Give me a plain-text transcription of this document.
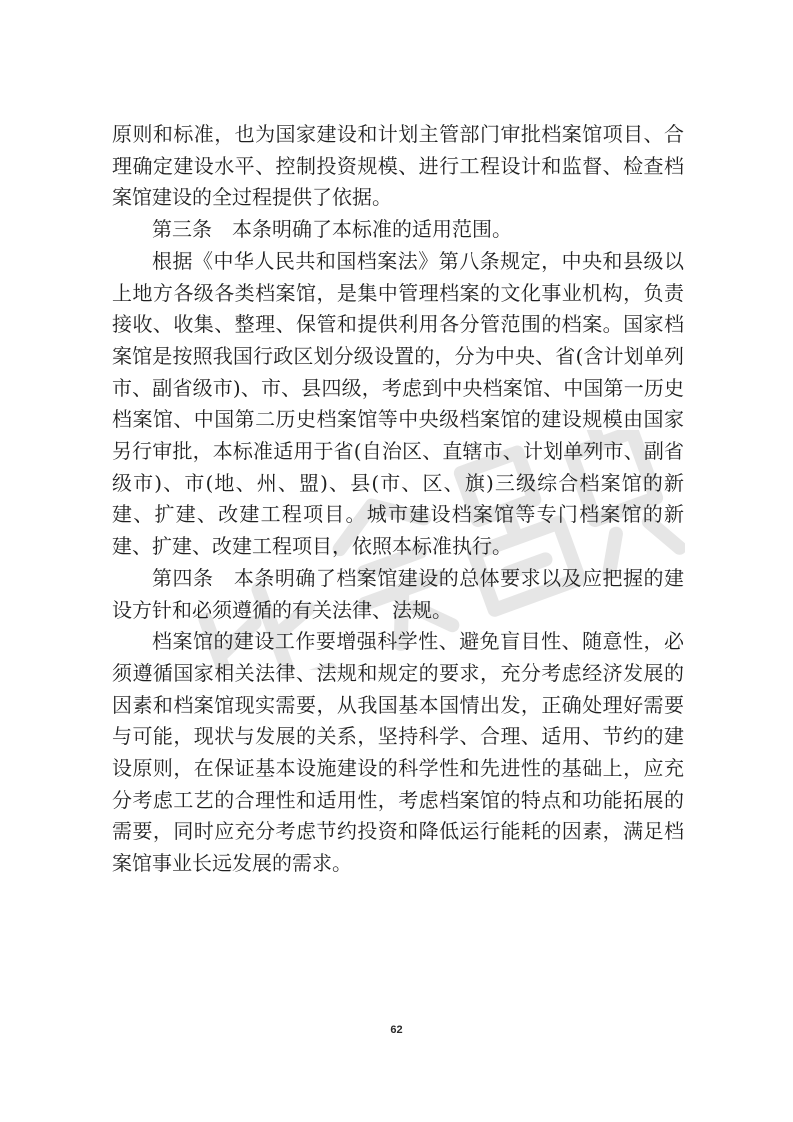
原则和标准，也为国家建设和计划主管部门审批档案馆项目、合理确定建设水平、控制投资规模、进行工程设计和监督、检查档案馆建设的全过程提供了依据。

第三条　本条明确了本标准的适用范围。

根据《中华人民共和国档案法》第八条规定，中央和县级以上地方各级各类档案馆，是集中管理档案的文化事业机构，负责接收、收集、整理、保管和提供利用各分管范围的档案。国家档案馆是按照我国行政区划分级设置的，分为中央、省(含计划单列市、副省级市)、市、县四级，考虑到中央档案馆、中国第一历史档案馆、中国第二历史档案馆等中央级档案馆的建设规模由国家另行审批，本标准适用于省(自治区、直辖市、计划单列市、副省级市)、市(地、州、盟)、县(市、区、旗)三级综合档案馆的新建、扩建、改建工程项目。城市建设档案馆等专门档案馆的新建、扩建、改建工程项目，依照本标准执行。

第四条　本条明确了档案馆建设的总体要求以及应把握的建设方针和必须遵循的有关法律、法规。

档案馆的建设工作要增强科学性、避免盲目性、随意性，必须遵循国家相关法律、法规和规定的要求，充分考虑经济发展的因素和档案馆现实需要，从我国基本国情出发，正确处理好需要与可能，现状与发展的关系，坚持科学、合理、适用、节约的建设原则，在保证基本设施建设的科学性和先进性的基础上，应充分考虑工艺的合理性和适用性，考虑档案馆的特点和功能拓展的需要，同时应充分考虑节约投资和降低运行能耗的因素，满足档案馆事业长远发展的需求。

62
